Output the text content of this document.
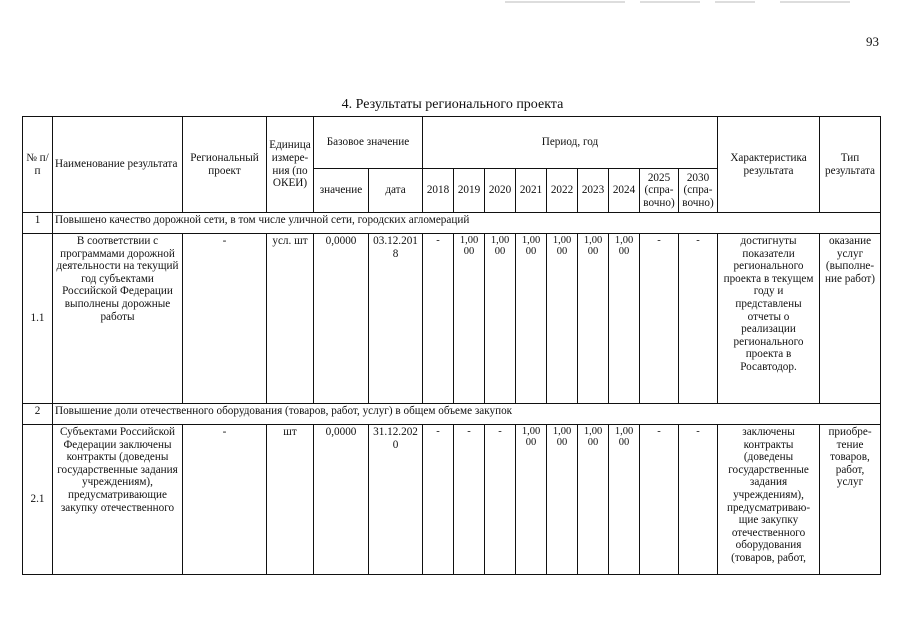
93
4. Результаты регионального проекта
№ п/п	Наименование результата	Региональный проект	Единица измере-ния (по ОКЕИ)	Базовое значение		Период, год									Характеристика результата	Тип результата
				значение	дата	2018	2019	2020	2021	2022	2023	2024	2025 (спра-вочно)	2030 (спра-вочно)		
1	Повышено качество дорожной сети, в том числе уличной сети, городских агломераций															
1.1	В соответствии с программами дорожной деятельности на текущий год субъектами Российской Федерации выполнены дорожные работы	-	усл. шт	0,0000	03.12.2018	-	1,00 00	1,00 00	1,00 00	1,00 00	1,00 00	1,00 00	-	-	достигнуты показатели регионального проекта в текущем году и представлены отчеты о реализации регионального проекта в Росавтодор.	оказание услуг (выполне-ние работ)
2	Повышение доли отечественного оборудования (товаров, работ, услуг) в общем объеме закупок															
2.1	Субъектами Российской Федерации заключены контракты (доведены государственные задания учреждениям), предусматривающие закупку отечественного	-	шт	0,0000	31.12.2020	-	-	-	1,00 00	1,00 00	1,00 00	1,00 00	-	-	заключены контракты (доведены государственные задания учреждениям), предусматриваю-щие закупку отечественного оборудования (товаров, работ,	приобре-тение товаров, работ, услуг
